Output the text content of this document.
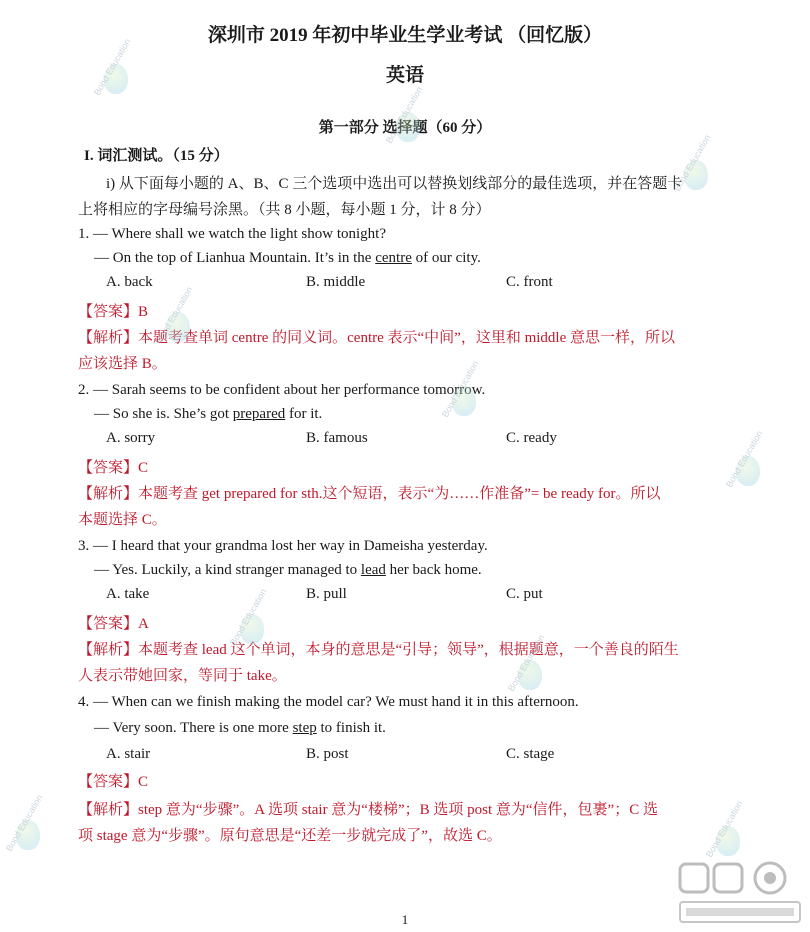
深圳市 2019 年初中毕业生学业考试 （回忆版）
英语
第一部分 选择题（60 分）
I. 词汇测试。（15 分）
i) 从下面每小题的 A、B、C 三个选项中选出可以替换划线部分的最佳选项，并在答题卡
上将相应的字母编号涂黑。（共 8 小题，每小题 1 分，计 8 分）
1. — Where shall we watch the light show tonight?
— On the top of Lianhua Mountain. It’s in the centre of our city.
A. back	B. middle	C. front
【答案】B
【解析】本题考查单词 centre 的同义词。centre 表示“中间”，这里和 middle 意思一样，所以
应该选择 B。
2. — Sarah seems to be confident about her performance tomorrow.
— So she is. She’s got prepared for it.
A. sorry	B. famous	C. ready
【答案】C
【解析】本题考查 get prepared for sth.这个短语，表示“为……作准备”= be ready for。所以
本题选择 C。
3. — I heard that your grandma lost her way in Dameisha yesterday.
— Yes. Luckily, a kind stranger managed to lead her back home.
A. take	B. pull	C. put
【答案】A
【解析】本题考查 lead 这个单词，本身的意思是“引导；领导”，根据题意，一个善良的陌生
人表示带她回家，等同于 take。
4. — When can we finish making the model car? We must hand it in this afternoon.
— Very soon. There is one more step to finish it.
A. stair	B. post	C. stage
【答案】C
【解析】step 意为“步骤”。A 选项 stair 意为“楼梯”；B 选项 post 意为“信件，包裹”；C 选
项 stage 意为“步骤”。原句意思是“还差一步就完成了”，故选 C。
1
Bond Education
Bond Education
Bond Education
Bond Education
Bond Education
Bond Education
Bond Education
Bond Education
Bond Education	Bond Education
